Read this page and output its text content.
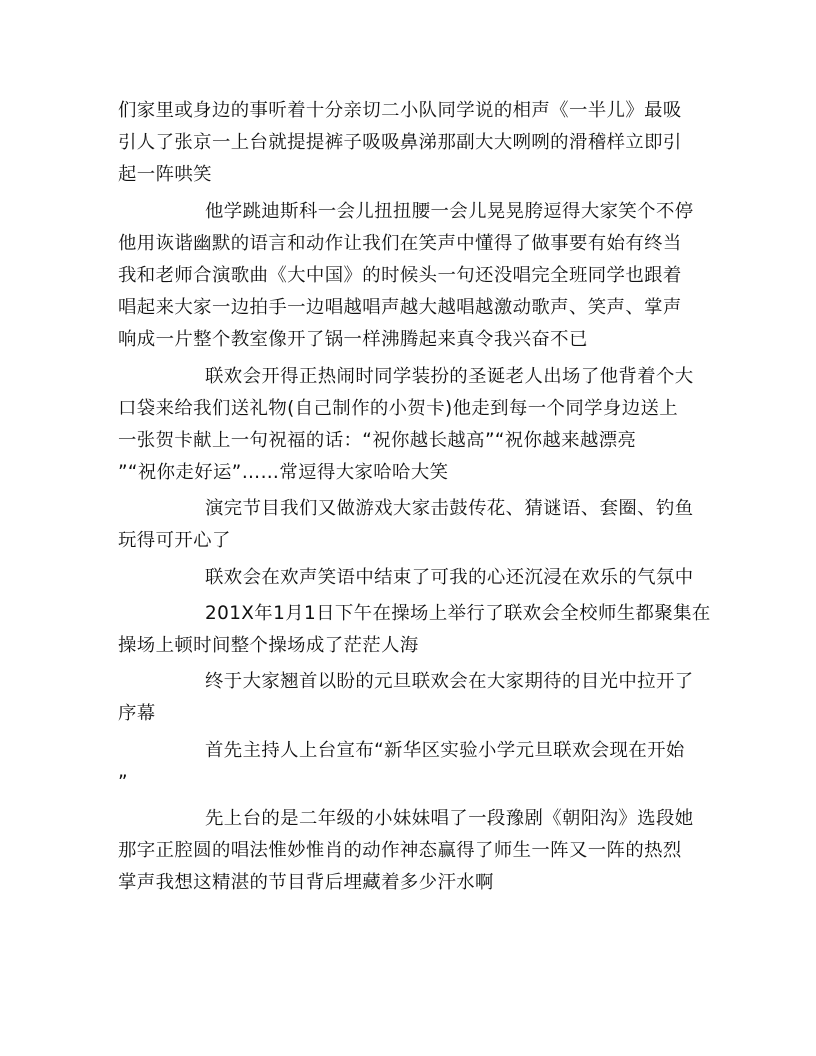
们家里或身边的事听着十分亲切二小队同学说的相声《一半儿》最吸
引人了张京一上台就提提裤子吸吸鼻涕那副大大咧咧的滑稽样立即引
起一阵哄笑

他学跳迪斯科一会儿扭扭腰一会儿晃晃胯逗得大家笑个不停
他用诙谐幽默的语言和动作让我们在笑声中懂得了做事要有始有终当
我和老师合演歌曲《大中国》的时候头一句还没唱完全班同学也跟着
唱起来大家一边拍手一边唱越唱声越大越唱越激动歌声、笑声、掌声
响成一片整个教室像开了锅一样沸腾起来真令我兴奋不已

联欢会开得正热闹时同学装扮的圣诞老人出场了他背着个大
口袋来给我们送礼物(自己制作的小贺卡)他走到每一个同学身边送上
一张贺卡献上一句祝福的话：“祝你越长越高”“祝你越来越漂亮
”“祝你走好运”……常逗得大家哈哈大笑

演完节目我们又做游戏大家击鼓传花、猜谜语、套圈、钓鱼
玩得可开心了

联欢会在欢声笑语中结束了可我的心还沉浸在欢乐的气氛中

201X年1月1日下午在操场上举行了联欢会全校师生都聚集在
操场上顿时间整个操场成了茫茫人海

终于大家翘首以盼的元旦联欢会在大家期待的目光中拉开了
序幕

首先主持人上台宣布“新华区实验小学元旦联欢会现在开始
”

先上台的是二年级的小妹妹唱了一段豫剧《朝阳沟》选段她
那字正腔圆的唱法惟妙惟肖的动作神态赢得了师生一阵又一阵的热烈
掌声我想这精湛的节目背后埋藏着多少汗水啊
